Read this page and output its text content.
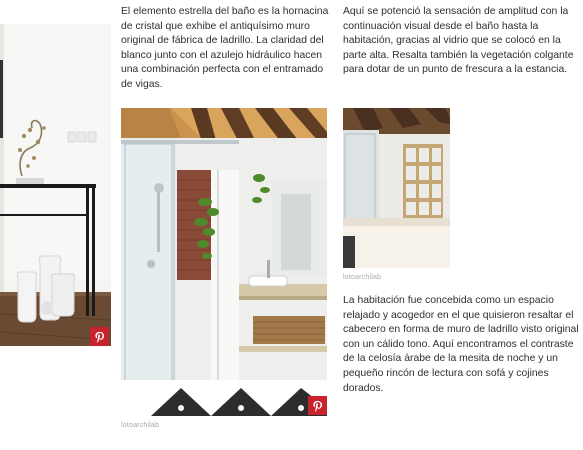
El elemento estrella del baño es la hornacina de cristal que exhibe el antiquísimo muro original de fábrica de ladrillo. La claridad del blanco junto con el azulejo hidráulico hacen una combinación perfecta con el entramado de vigas.

lotoarchilab

Aquí se potenció la sensación de amplitud con la continuación visual desde el baño hasta la habitación, gracias al vidrio que se colocó en la parte alta. Resalta también la vegetación colgante para dotar de un punto de frescura a la estancia.

lotoarchilab

La habitación fue concebida como un espacio relajado y acogedor en el que quisieron resaltar el cabecero en forma de muro de ladrillo visto original con un cálido tono. Aquí encontramos el contraste de la celosía árabe de la mesita de noche y un pequeño rincón de lectura con sofá y cojines dorados.
